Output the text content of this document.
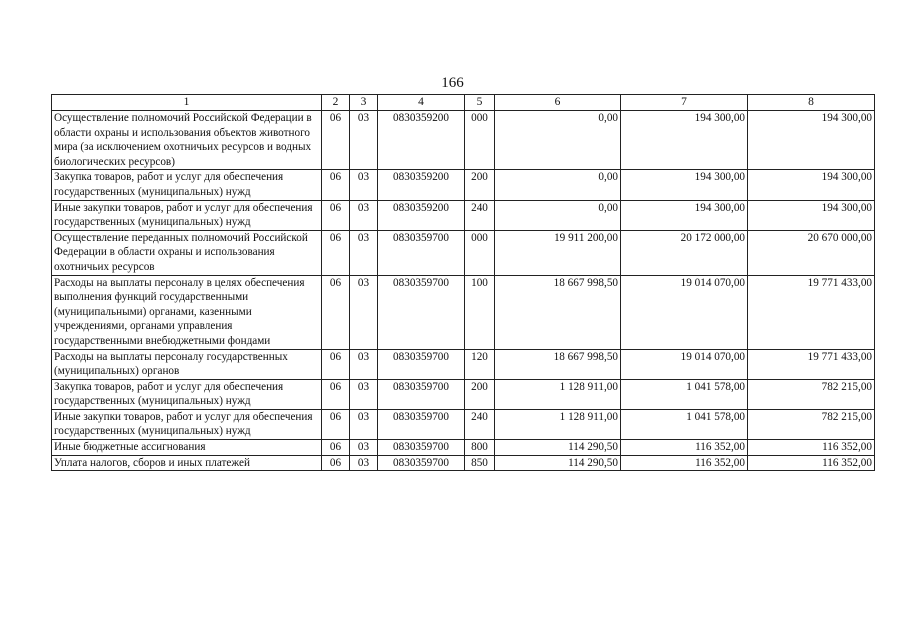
166
1	2	3	4	5	6	7	8
Осуществление полномочий Российской Федерации в области охраны и использования объектов животного мира (за исключением охотничьих ресурсов и водных биологических ресурсов)	06	03	0830359200	000	0,00	194 300,00	194 300,00
Закупка товаров, работ и услуг для обеспечения государственных (муниципальных) нужд	06	03	0830359200	200	0,00	194 300,00	194 300,00
Иные закупки товаров, работ и услуг для обеспечения государственных (муниципальных) нужд	06	03	0830359200	240	0,00	194 300,00	194 300,00
Осуществление переданных полномочий Российской Федерации в области охраны и использования охотничьих ресурсов	06	03	0830359700	000	19 911 200,00	20 172 000,00	20 670 000,00
Расходы на выплаты персоналу в целях обеспечения выполнения функций государственными (муниципальными) органами, казенными учреждениями, органами управления государственными внебюджетными фондами	06	03	0830359700	100	18 667 998,50	19 014 070,00	19 771 433,00
Расходы на выплаты персоналу государственных (муниципальных) органов	06	03	0830359700	120	18 667 998,50	19 014 070,00	19 771 433,00
Закупка товаров, работ и услуг для обеспечения государственных (муниципальных) нужд	06	03	0830359700	200	1 128 911,00	1 041 578,00	782 215,00
Иные закупки товаров, работ и услуг для обеспечения государственных (муниципальных) нужд	06	03	0830359700	240	1 128 911,00	1 041 578,00	782 215,00
Иные бюджетные ассигнования	06	03	0830359700	800	114 290,50	116 352,00	116 352,00
Уплата налогов, сборов и иных платежей	06	03	0830359700	850	114 290,50	116 352,00	116 352,00
